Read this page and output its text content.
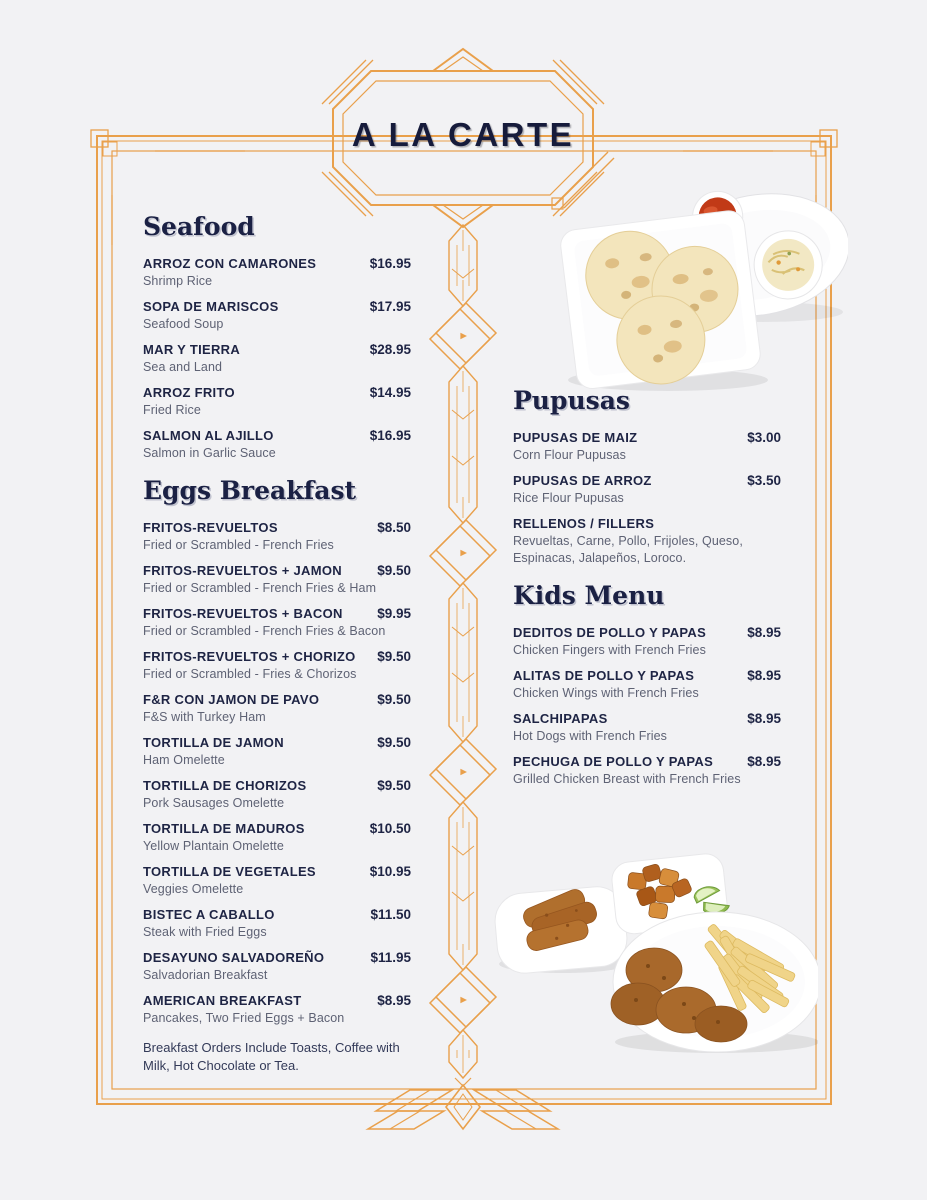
A LA CARTE
Seafood
ARROZ CON CAMARONES	$16.95
Shrimp Rice
SOPA DE MARISCOS	$17.95
Seafood Soup
MAR Y TIERRA	$28.95
Sea and Land
ARROZ FRITO	$14.95
Fried Rice
SALMON AL AJILLO	$16.95
Salmon in Garlic Sauce
Eggs Breakfast
FRITOS-REVUELTOS	$8.50
Fried or Scrambled - French Fries
FRITOS-REVUELTOS + JAMON	$9.50
Fried or Scrambled - French Fries & Ham
FRITOS-REVUELTOS + BACON	$9.95
Fried or Scrambled - French Fries & Bacon
FRITOS-REVUELTOS + CHORIZO $9.50
Fried or Scrambled - Fries & Chorizos
F&R CON JAMON DE PAVO	$9.50
F&S with Turkey Ham
TORTILLA DE JAMON	$9.50
Ham Omelette
TORTILLA DE CHORIZOS	$9.50
Pork Sausages Omelette
TORTILLA DE MADUROS	$10.50
Yellow Plantain Omelette
TORTILLA DE VEGETALES	$10.95
Veggies Omelette
BISTEC A CABALLO	$11.50
Steak with Fried Eggs
DESAYUNO SALVADOREÑO	$11.95
Salvadorian Breakfast
AMERICAN BREAKFAST	$8.95
Pancakes, Two Fried Eggs + Bacon
Breakfast Orders Include Toasts, Coffee with Milk, Hot Chocolate or Tea.
Pupusas
PUPUSAS DE MAIZ	$3.00
Corn Flour Pupusas
PUPUSAS DE ARROZ	$3.50
Rice Flour Pupusas
RELLENOS / FILLERS
Revueltas, Carne, Pollo, Frijoles, Queso, Espinacas, Jalapeños, Loroco.
Kids Menu
DEDITOS DE POLLO Y PAPAS	$8.95
Chicken Fingers with French Fries
ALITAS DE POLLO Y PAPAS	$8.95
Chicken Wings with French Fries
SALCHIPAPAS	$8.95
Hot Dogs with French Fries
PECHUGA DE POLLO Y PAPAS	$8.95
Grilled Chicken Breast with French Fries
